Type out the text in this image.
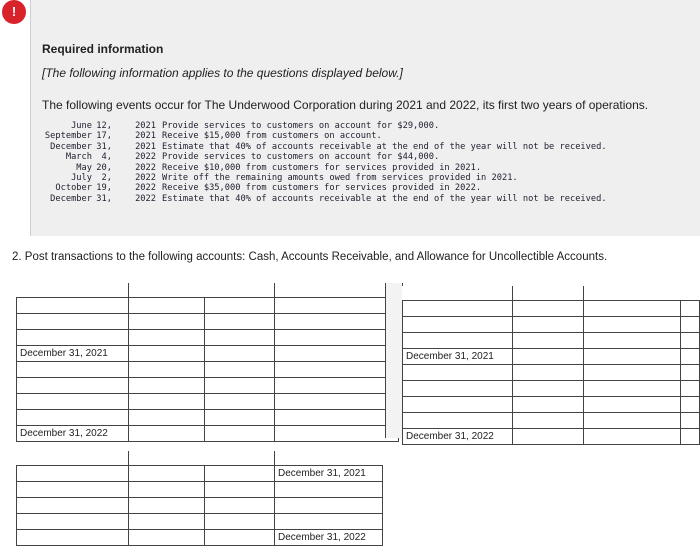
!
Required information
[The following information applies to the questions displayed below.]
The following events occur for The Underwood Corporation during 2021 and 2022, its first two years of operations.
June 12,	2021 Provide services to customers on account for $29,000.
September 17,	2021 Receive $15,000 from customers on account.
December 31,	2021 Estimate that 40% of accounts receivable at the end of the year will not be received.
March	4,	2022 Provide services to customers on account for $44,000.
May 20,	2022 Receive $10,000 from customers for services provided in 2021.
July	2,	2022 Write off the remaining amounts owed from services provided in 2021.
October 19,	2022 Receive $35,000 from customers for services provided in 2022.
December 31,	2022 Estimate that 40% of accounts receivable at the end of the year will not be received.
2. Post transactions to the following accounts: Cash, Accounts Receivable, and Allowance for Uncollectible Accounts.

December 31, 2021			

December 31, 2022			

December 31, 2021			

December 31, 2022			

			December 31, 2021

			December 31, 2022
